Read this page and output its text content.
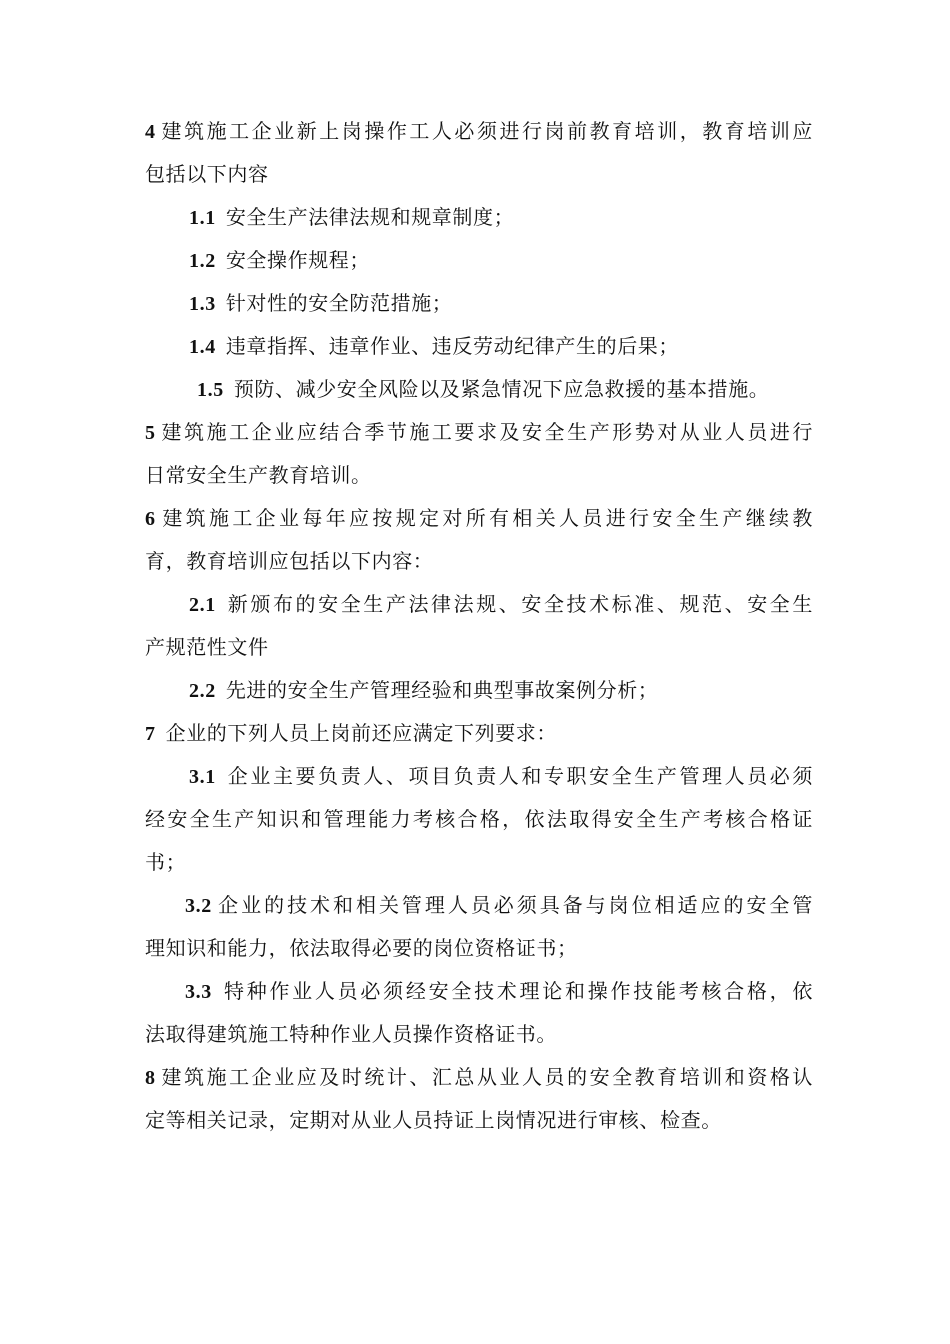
4 建筑施工企业新上岗操作工人必须进行岗前教育培训，教育培训应
包括以下内容
1.1 安全生产法律法规和规章制度；
1.2 安全操作规程；
1.3 针对性的安全防范措施；
1.4 违章指挥、违章作业、违反劳动纪律产生的后果；
1.5 预防、减少安全风险以及紧急情况下应急救援的基本措施。
5 建筑施工企业应结合季节施工要求及安全生产形势对从业人员进行
日常安全生产教育培训。
6 建筑施工企业每年应按规定对所有相关人员进行安全生产继续教
育，教育培训应包括以下内容：
2.1 新颁布的安全生产法律法规、安全技术标准、规范、安全生
产规范性文件
2.2 先进的安全生产管理经验和典型事故案例分析；
7 企业的下列人员上岗前还应满定下列要求：
3.1 企业主要负责人、项目负责人和专职安全生产管理人员必须
经安全生产知识和管理能力考核合格，依法取得安全生产考核合格证
书；
3.2 企业的技术和相关管理人员必须具备与岗位相适应的安全管
理知识和能力，依法取得必要的岗位资格证书；
3.3 特种作业人员必须经安全技术理论和操作技能考核合格，依
法取得建筑施工特种作业人员操作资格证书。
8 建筑施工企业应及时统计、汇总从业人员的安全教育培训和资格认
定等相关记录，定期对从业人员持证上岗情况进行审核、检查。
